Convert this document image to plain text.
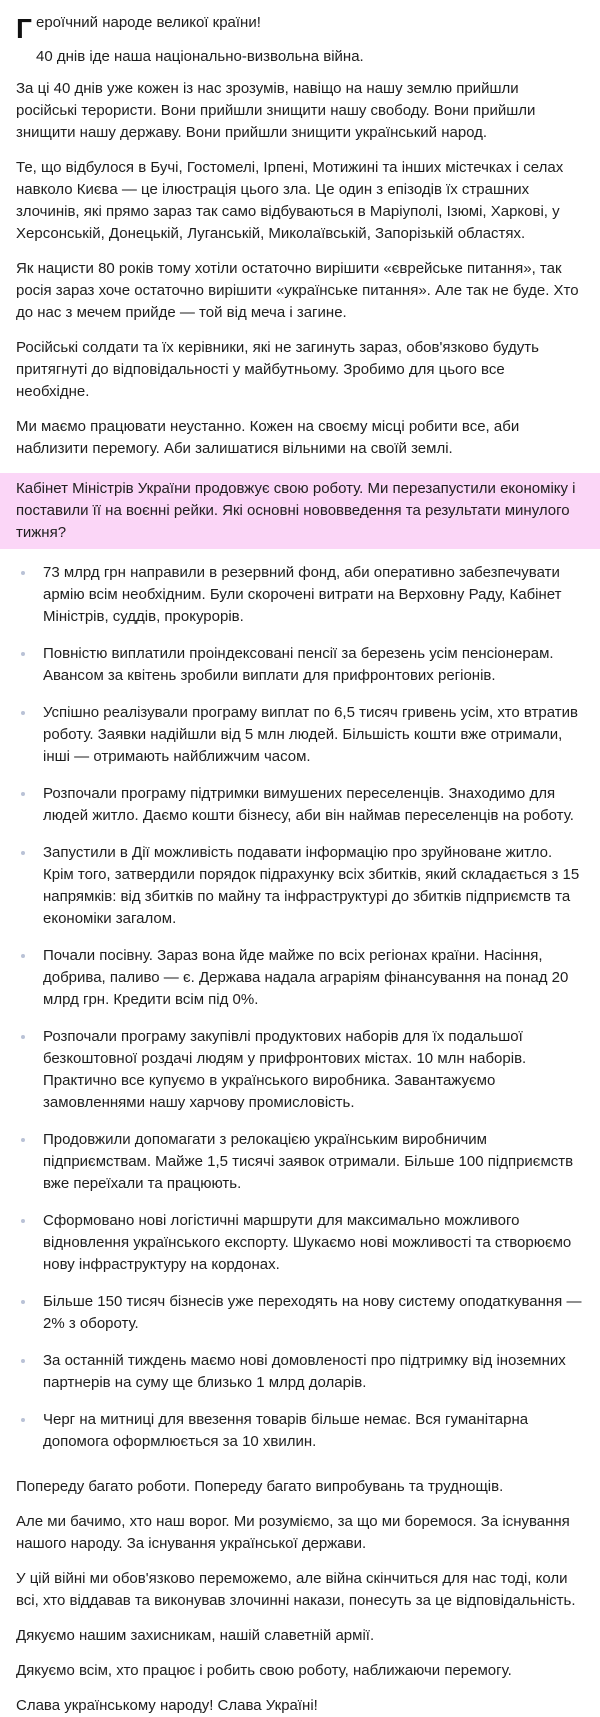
Г ероїчний народе великої країни!
40 днів іде наша національно-визвольна війна.

За ці 40 днів уже кожен із нас зрозумів, навіщо на нашу землю прийшли російські терористи. Вони прийшли знищити нашу свободу. Вони прийшли знищити нашу державу. Вони прийшли знищити український народ.

Те, що відбулося в Бучі, Гостомелі, Ірпені, Мотижині та інших містечках і селах навколо Києва — це ілюстрація цього зла. Це один з епізодів їх страшних злочинів, які прямо зараз так само відбуваються в Маріуполі, Ізюмі, Харкові, у Херсонській, Донецькій, Луганській, Миколаївській, Запорізькій областях.

Як нацисти 80 років тому хотіли остаточно вирішити «єврейське питання», так росія зараз хоче остаточно вирішити «українське питання». Але так не буде. Хто до нас з мечем прийде — той від меча і загине.

Російські солдати та їх керівники, які не загинуть зараз, обов'язково будуть притягнуті до відповідальності у майбутньому. Зробимо для цього все необхідне.

Ми маємо працювати неустанно. Кожен на своєму місці робити все, аби наблизити перемогу. Аби залишатися вільними на своїй землі.

Кабінет Міністрів України продовжує свою роботу. Ми перезапустили економіку і поставили її на воєнні рейки. Які основні нововведення та результати минулого тижня?
73 млрд грн направили в резервний фонд, аби оперативно забезпечувати армію всім необхідним. Були скорочені витрати на Верховну Раду, Кабінет Міністрів, суддів, прокурорів.
Повністю виплатили проіндексовані пенсії за березень усім пенсіонерам. Авансом за квітень зробили виплати для прифронтових регіонів.
Успішно реалізували програму виплат по 6,5 тисяч гривень усім, хто втратив роботу. Заявки надійшли від 5 млн людей. Більшість кошти вже отримали, інші — отримають найближчим часом.
Розпочали програму підтримки вимушених переселенців. Знаходимо для людей житло. Даємо кошти бізнесу, аби він наймав переселенців на роботу.
Запустили в Дії можливість подавати інформацію про зруйноване житло. Крім того, затвердили порядок підрахунку всіх збитків, який складається з 15 напрямків: від збитків по майну та інфраструктурі до збитків підприємств та економіки загалом.
Почали посівну. Зараз вона йде майже по всіх регіонах країни. Насіння, добрива, паливо — є. Держава надала аграріям фінансування на понад 20 млрд грн. Кредити всім під 0%.
Розпочали програму закупівлі продуктових наборів для їх подальшої безкоштовної роздачі людям у прифронтових містах. 10 млн наборів. Практично все купуємо в українського виробника. Завантажуємо замовленнями нашу харчову промисловість.
Продовжили допомагати з релокацією українським виробничим підприємствам. Майже 1,5 тисячі заявок отримали. Більше 100 підприємств вже переїхали та працюють.
Сформовано нові логістичні маршрути для максимально можливого відновлення українського експорту. Шукаємо нові можливості та створюємо нову інфраструктуру на кордонах.
Більше 150 тисяч бізнесів уже переходять на нову систему оподаткування — 2% з обороту.
За останній тиждень маємо нові домовленості про підтримку від іноземних партнерів на суму ще близько 1 млрд доларів.
Черг на митниці для ввезення товарів більше немає. Вся гуманітарна допомога оформлюється за 10 хвилин.

Попереду багато роботи. Попереду багато випробувань та труднощів.

Але ми бачимо, хто наш ворог. Ми розуміємо, за що ми боремося. За існування нашого народу. За існування української держави.

У цій війні ми обов'язково переможемо, але війна скінчиться для нас тоді, коли всі, хто віддавав та виконував злочинні накази, понесуть за це відповідальність.

Дякуємо нашим захисникам, нашій славетній армії.

Дякуємо всім, хто працює і робить свою роботу, наближаючи перемогу.

Слава українському народу! Слава Україні!
